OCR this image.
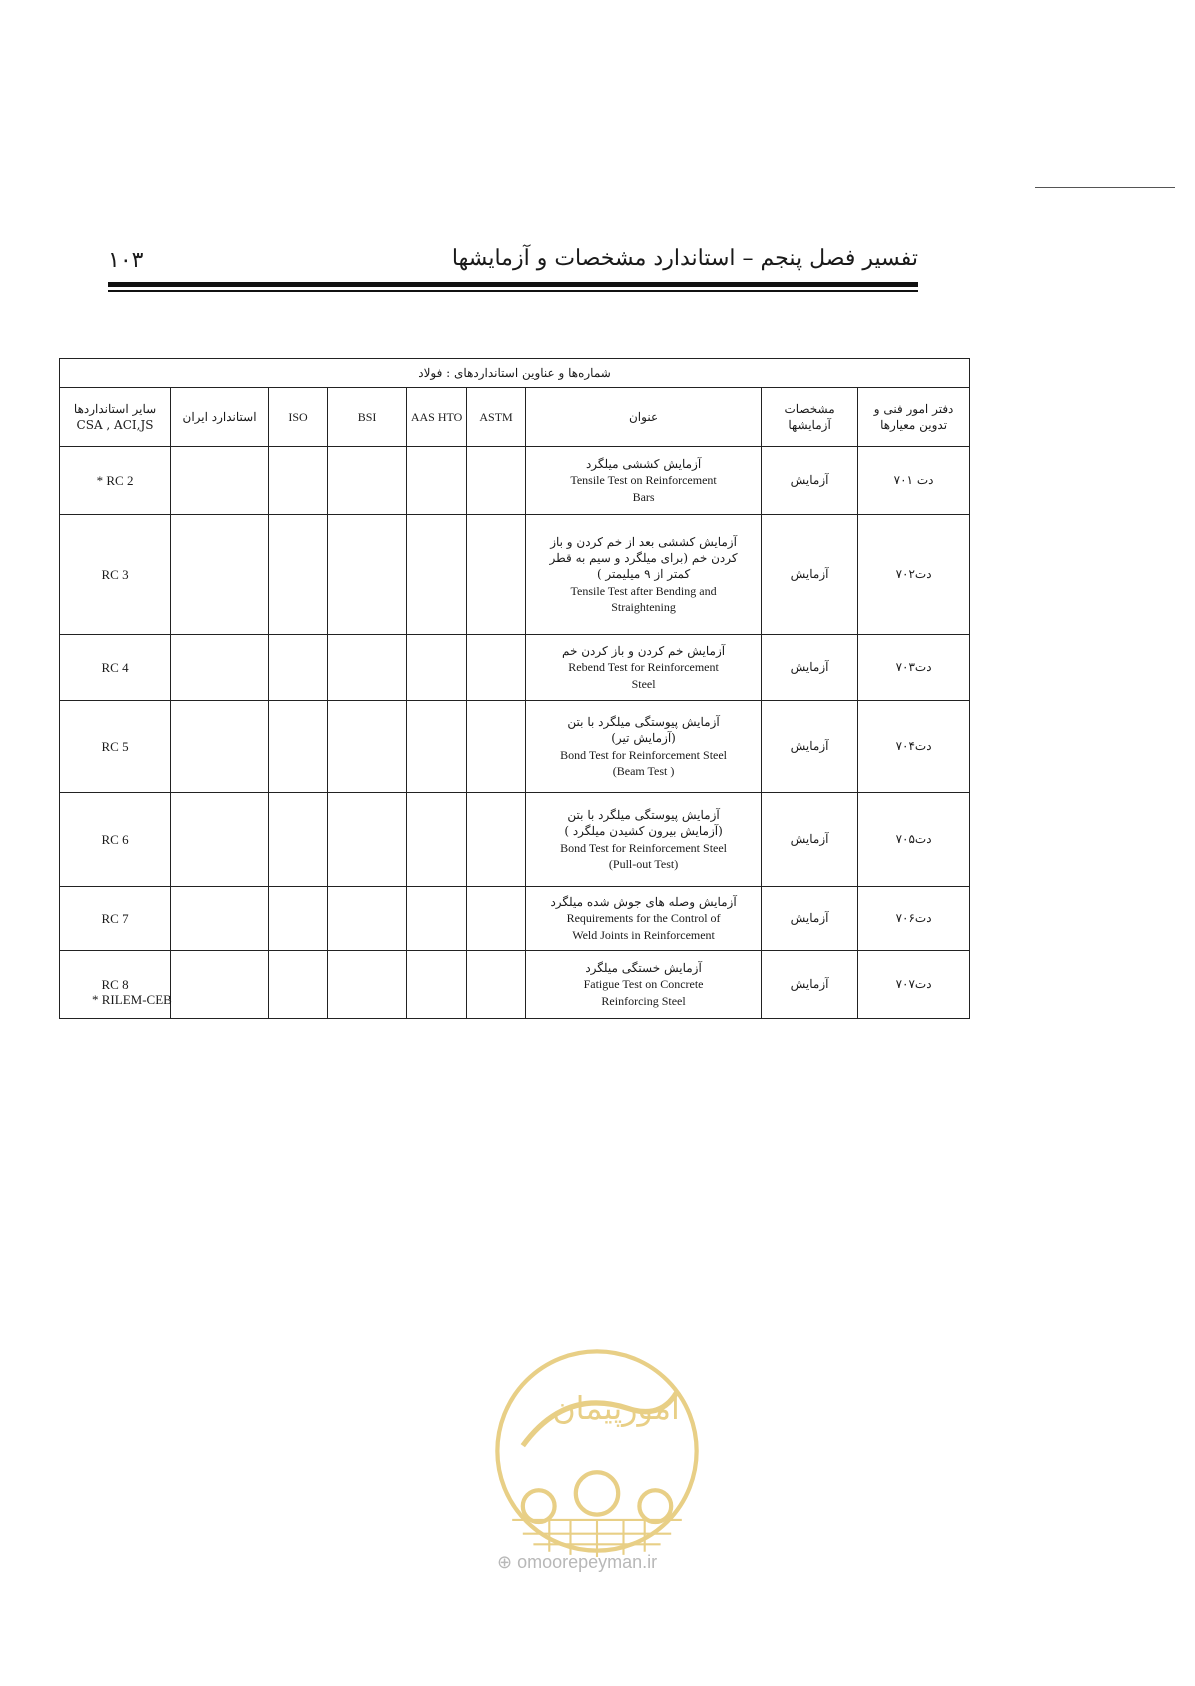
۱۰۳	تفسیر فصل پنجم – استاندارد مشخصات و آزمایشها
شماره‌ها و عناوین استانداردهای : فولاد								
دفتر امور فنی و تدوین معیارها	مشخصات آزمایشها	عنوان	ASTM	AAS HTO	BSI	ISO	استاندارد ایران	سایر استانداردها CSA , ACI,JS
دت ۷۰۱	آزمایش	آزمایش کششی میلگرد
Tensile Test on Reinforcement
Bars						* RC 2
دت۷۰۲	آزمایش	آزمایش کششی بعد از خم کردن و باز
کردن خم (برای میلگرد و سیم به قطر
کمتر از ۹ میلیمتر )
Tensile Test after Bending and
Straightening						RC 3
دت۷۰۳	آزمایش	آزمایش خم کردن و باز کردن خم
Rebend Test for Reinforcement
Steel						RC 4
دت۷۰۴	آزمایش	آزمایش پیوستگی میلگرد با بتن
(آزمایش تیر)
Bond Test for Reinforcement Steel
(Beam Test )						RC 5
دت۷۰۵	آزمایش	آزمایش پیوستگی میلگرد با بتن
(آزمایش بیرون کشیدن میلگرد )
Bond Test for Reinforcement Steel
(Pull-out Test)						RC 6
دت۷۰۶	آزمایش	آزمایش وصله های جوش شده میلگرد
Requirements for the Control of
Weld Joints in Reinforcement						RC 7
دت۷۰۷	آزمایش	آزمایش خستگی میلگرد
Fatigue Test on Concrete
Reinforcing Steel						RC 8
* RILEM-CEB
امورپیمان
⊕ omoorepeyman.ir
